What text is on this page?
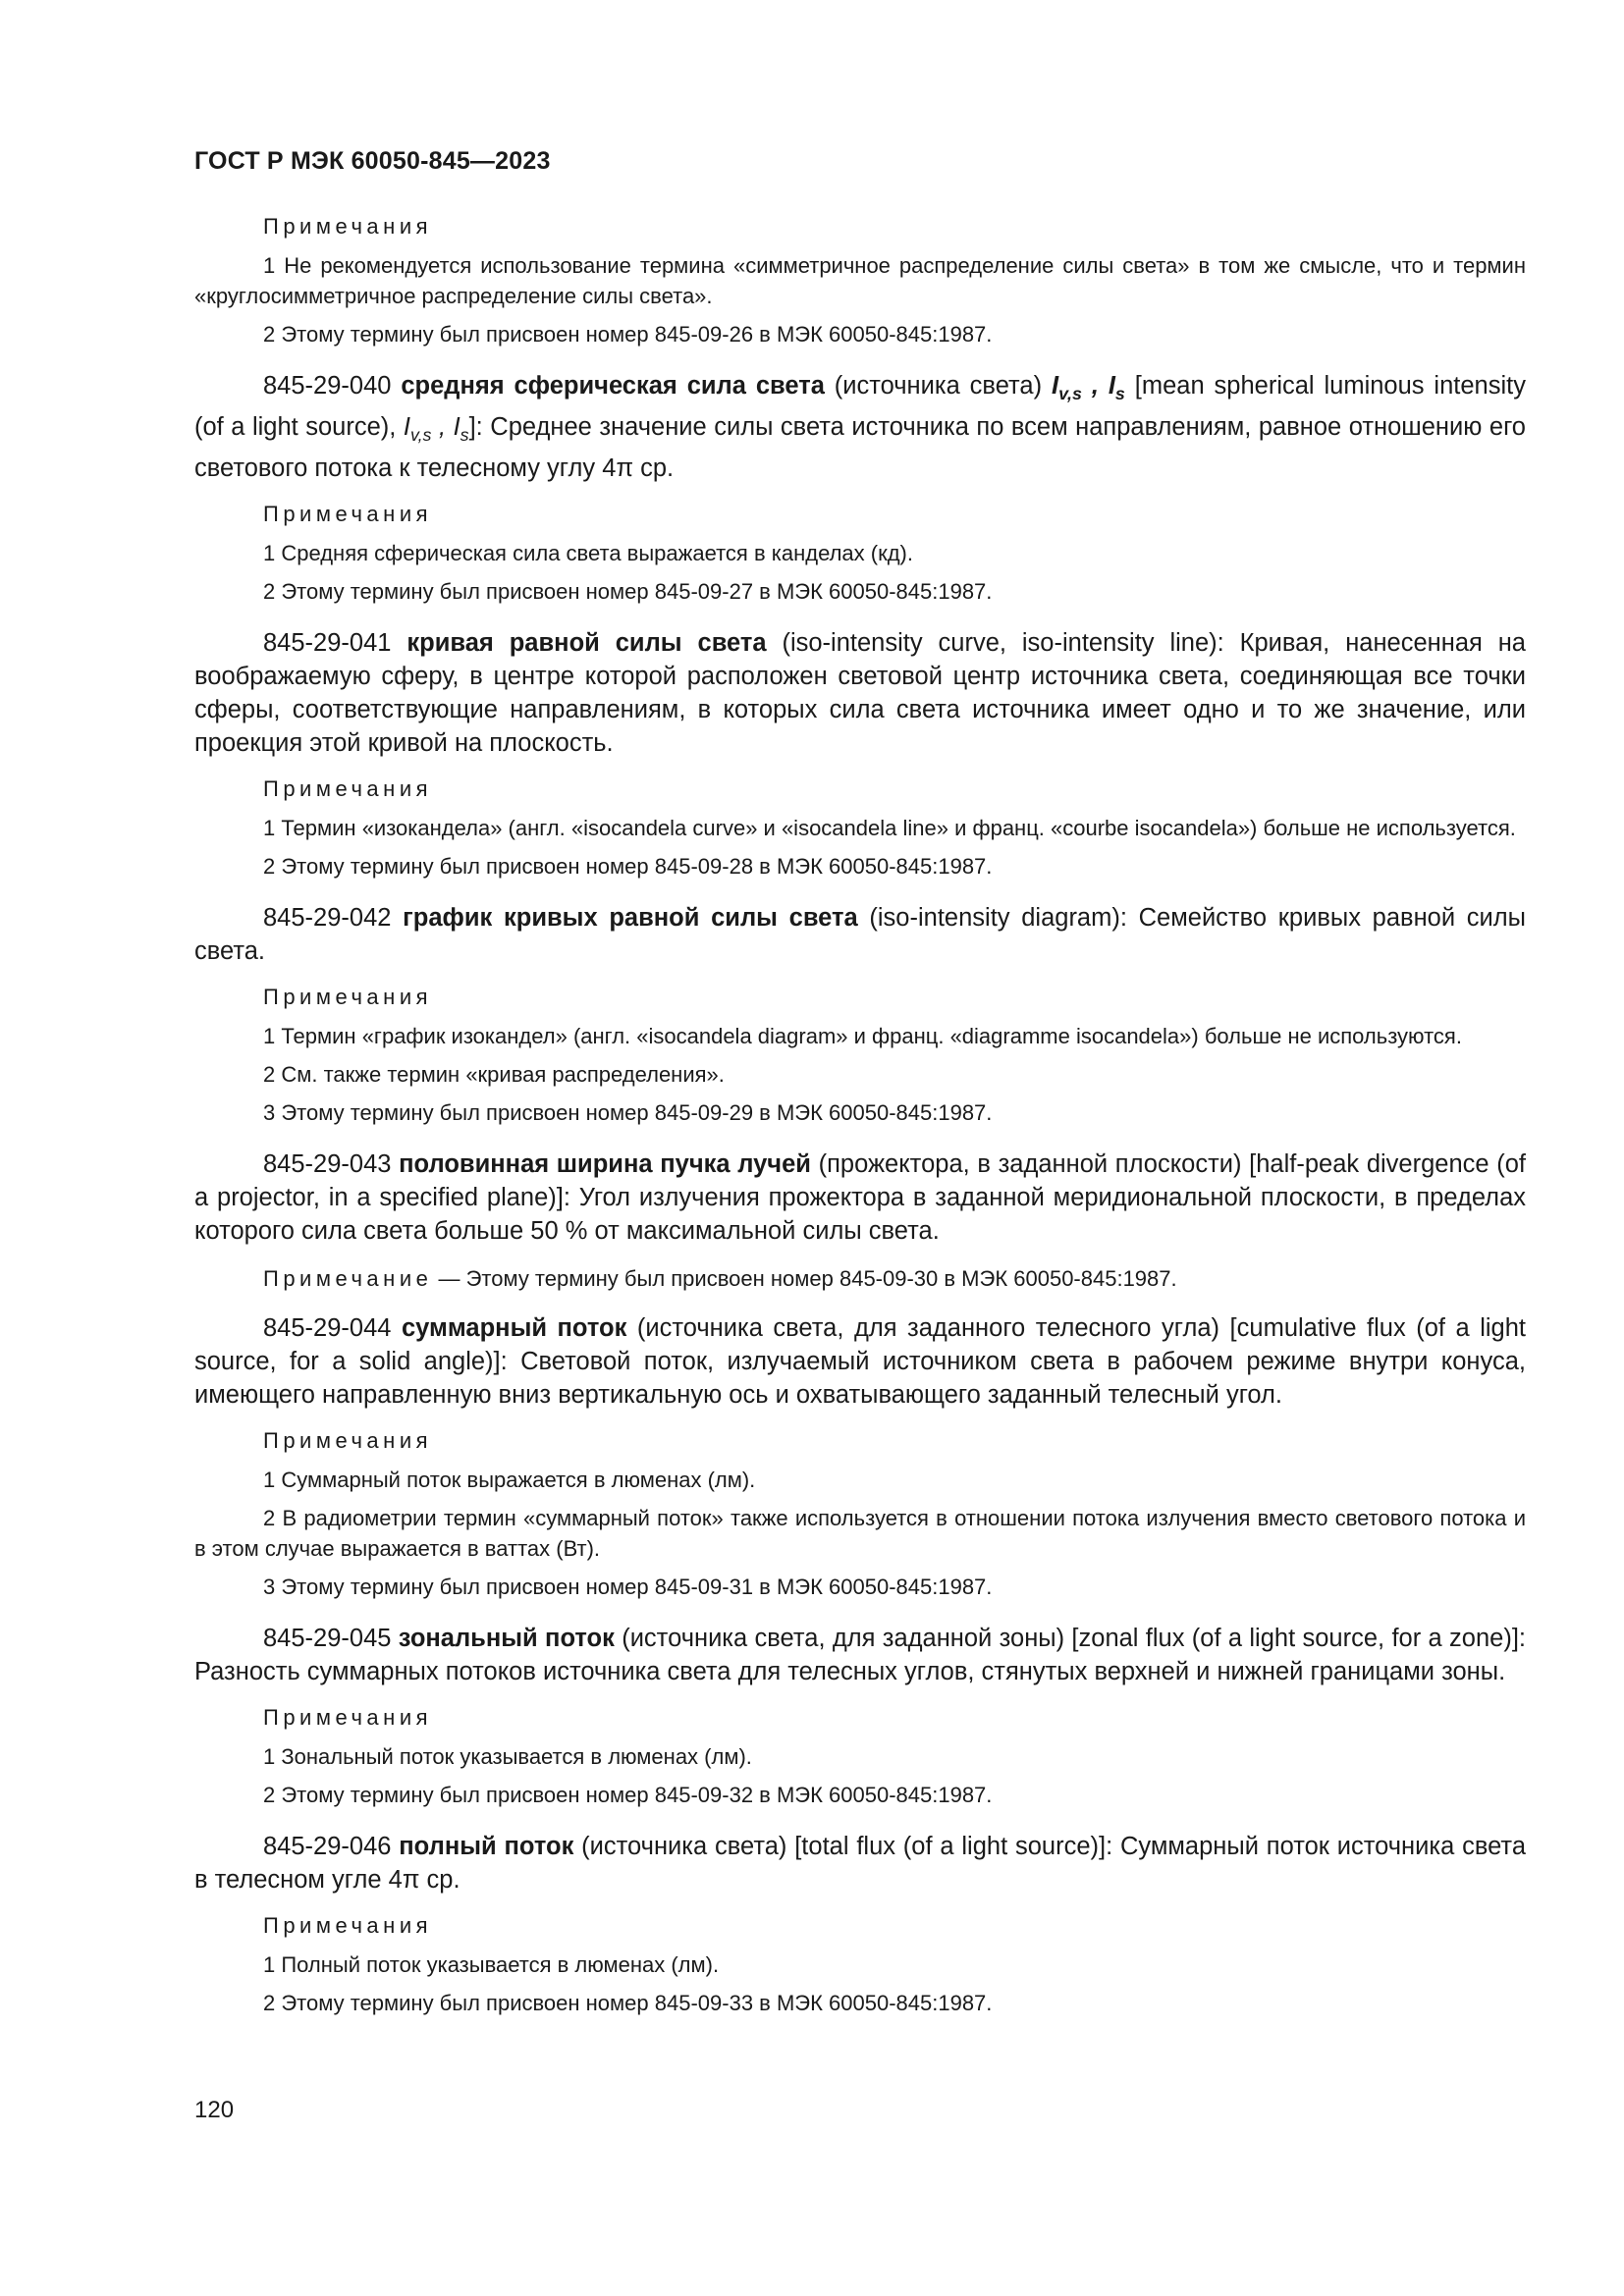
ГОСТ Р МЭК 60050-845—2023
Примечания

1 Не рекомендуется использование термина «симметричное распределение силы света» в том же смысле, что и термин «круглосимметричное распределение силы света».

2 Этому термину был присвоен номер 845-09-26 в МЭК 60050-845:1987.

845-29-040 средняя сферическая сила света (источника света) $I_{v,s}$ , $I_s$ [mean spherical luminous intensity (of a light source), $I_{v,s}$ , $I_s$]: Среднее значение силы света источника по всем направлениям, равное отношению его светового потока к телесному углу 4π ср.

Примечания

1 Средняя сферическая сила света выражается в канделах (кд).

2 Этому термину был присвоен номер 845-09-27 в МЭК 60050-845:1987.

845-29-041 кривая равной силы света (iso-intensity curve, iso-intensity line): Кривая, нанесенная на воображаемую сферу, в центре которой расположен световой центр источника света, соединяющая все точки сферы, соответствующие направлениям, в которых сила света источника имеет одно и то же значение, или проекция этой кривой на плоскость.

Примечания

1 Термин «изокандела» (англ. «isocandela curve» и «isocandela line» и франц. «courbe isocandela») больше не используется.

2 Этому термину был присвоен номер 845-09-28 в МЭК 60050-845:1987.

845-29-042 график кривых равной силы света (iso-intensity diagram): Семейство кривых равной силы света.

Примечания

1 Термин «график изокандел» (англ. «isocandela diagram» и франц. «diagramme isocandela») больше не используются.

2 См. также термин «кривая распределения».

3 Этому термину был присвоен номер 845-09-29 в МЭК 60050-845:1987.

845-29-043 половинная ширина пучка лучей (прожектора, в заданной плоскости) [half-peak divergence (of a projector, in a specified plane)]: Угол излучения прожектора в заданной меридиональной плоскости, в пределах которого сила света больше 50 % от максимальной силы света.

Примечание — Этому термину был присвоен номер 845-09-30 в МЭК 60050-845:1987.

845-29-044 суммарный поток (источника света, для заданного телесного угла) [cumulative flux (of a light source, for a solid angle)]: Световой поток, излучаемый источником света в рабочем режиме внутри конуса, имеющего направленную вниз вертикальную ось и охватывающего заданный телесный угол.

Примечания

1 Суммарный поток выражается в люменах (лм).

2 В радиометрии термин «суммарный поток» также используется в отношении потока излучения вместо светового потока и в этом случае выражается в ваттах (Вт).

3 Этому термину был присвоен номер 845-09-31 в МЭК 60050-845:1987.

845-29-045 зональный поток (источника света, для заданной зоны) [zonal flux (of a light source, for a zone)]: Разность суммарных потоков источника света для телесных углов, стянутых верхней и нижней границами зоны.

Примечания

1 Зональный поток указывается в люменах (лм).

2 Этому термину был присвоен номер 845-09-32 в МЭК 60050-845:1987.

845-29-046 полный поток (источника света) [total flux (of a light source)]: Суммарный поток источника света в телесном угле 4π ср.

Примечания

1 Полный поток указывается в люменах (лм).

2 Этому термину был присвоен номер 845-09-33 в МЭК 60050-845:1987.

120
